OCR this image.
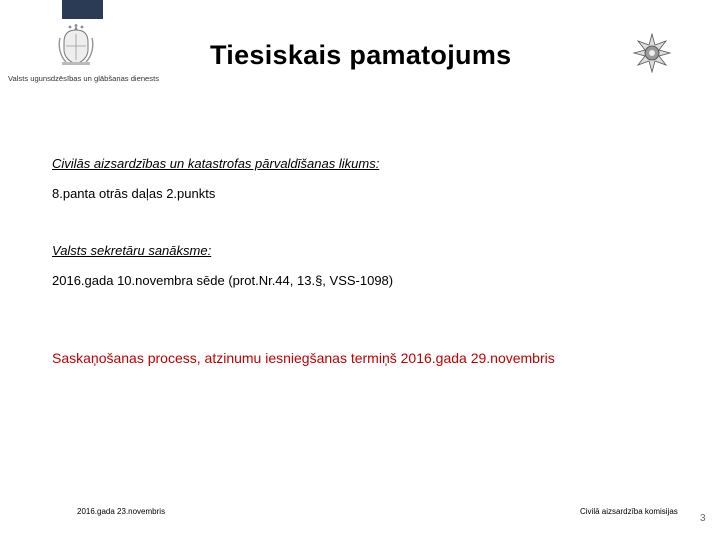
Valsts ugunsdzēsības un glābšanas dienests
Tiesiskais pamatojums
Civilās aizsardzības un katastrofas pārvaldīšanas likums:
8.panta otrās daļas 2.punkts
Valsts sekretāru sanāksme:
2016.gada 10.novembra sēde (prot.Nr.44, 13.§, VSS-1098)
Saskaņošanas process, atzinumu iesniegšanas termiņš 2016.gada 29.novembris
2016.gada 23.novembris	Civilā aizsardzība komisijas
3
